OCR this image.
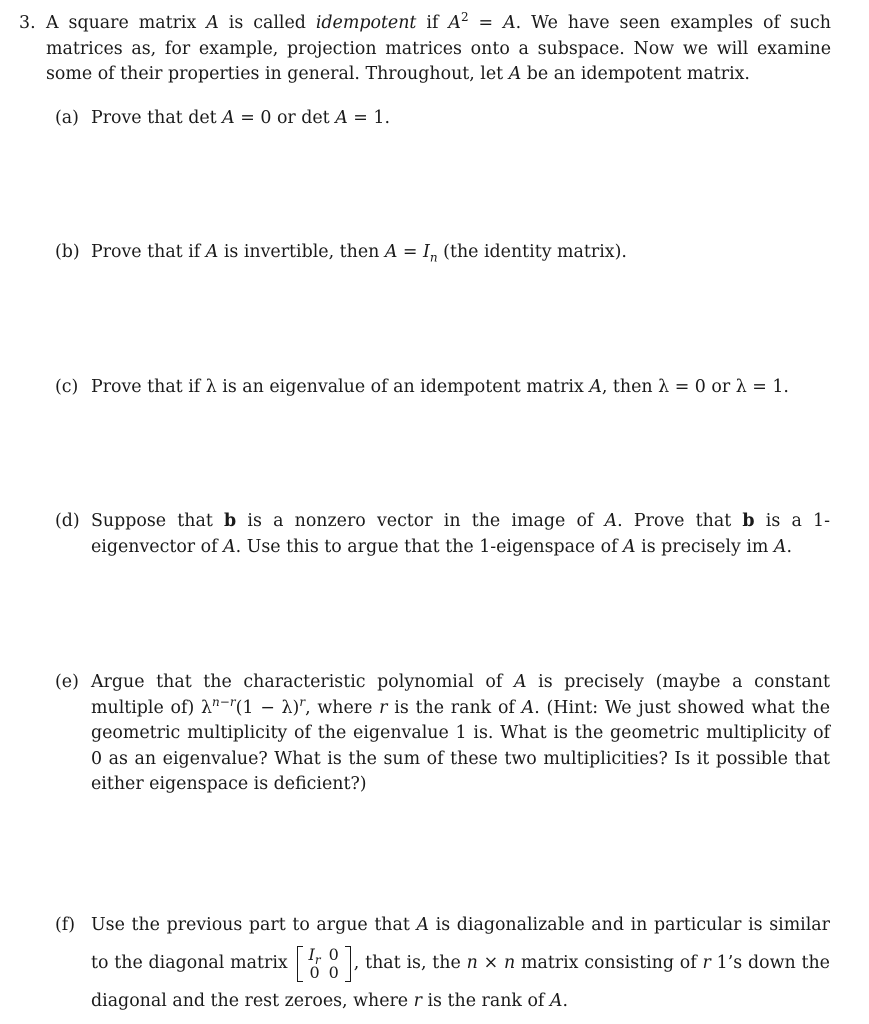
3. A square matrix A is called idempotent if $A^2 = A$. We have seen examples of such matrices as, for example, projection matrices onto a subspace. Now we will examine some of their properties in general. Throughout, let A be an idempotent matrix.
(a) Prove that det A = 0 or det A = 1.
(b) Prove that if A is invertible, then $A = I_n$ (the identity matrix).
(c) Prove that if λ is an eigenvalue of an idempotent matrix A, then λ = 0 or λ = 1.
(d) Suppose that b is a nonzero vector in the image of A. Prove that b is a 1-eigenvector of A. Use this to argue that the 1-eigenspace of A is precisely im A.
(e) Argue that the characteristic polynomial of A is precisely (maybe a constant multiple of) $\lambda^{n-r}(1 - \lambda)^r$, where r is the rank of A. (Hint: We just showed what the geometric multiplicity of the eigenvalue 1 is. What is the geometric multiplicity of 0 as an eigenvalue? What is the sum of these two multiplicities? Is it possible that either eigenspace is deficient?)
(f) Use the previous part to argue that A is diagonalizable and in particular is similar to the diagonal matrix $I_r$	0
0	0 , that is, the n × n matrix consisting of r 1’s down the diagonal and the rest zeroes, where r is the rank of A.
